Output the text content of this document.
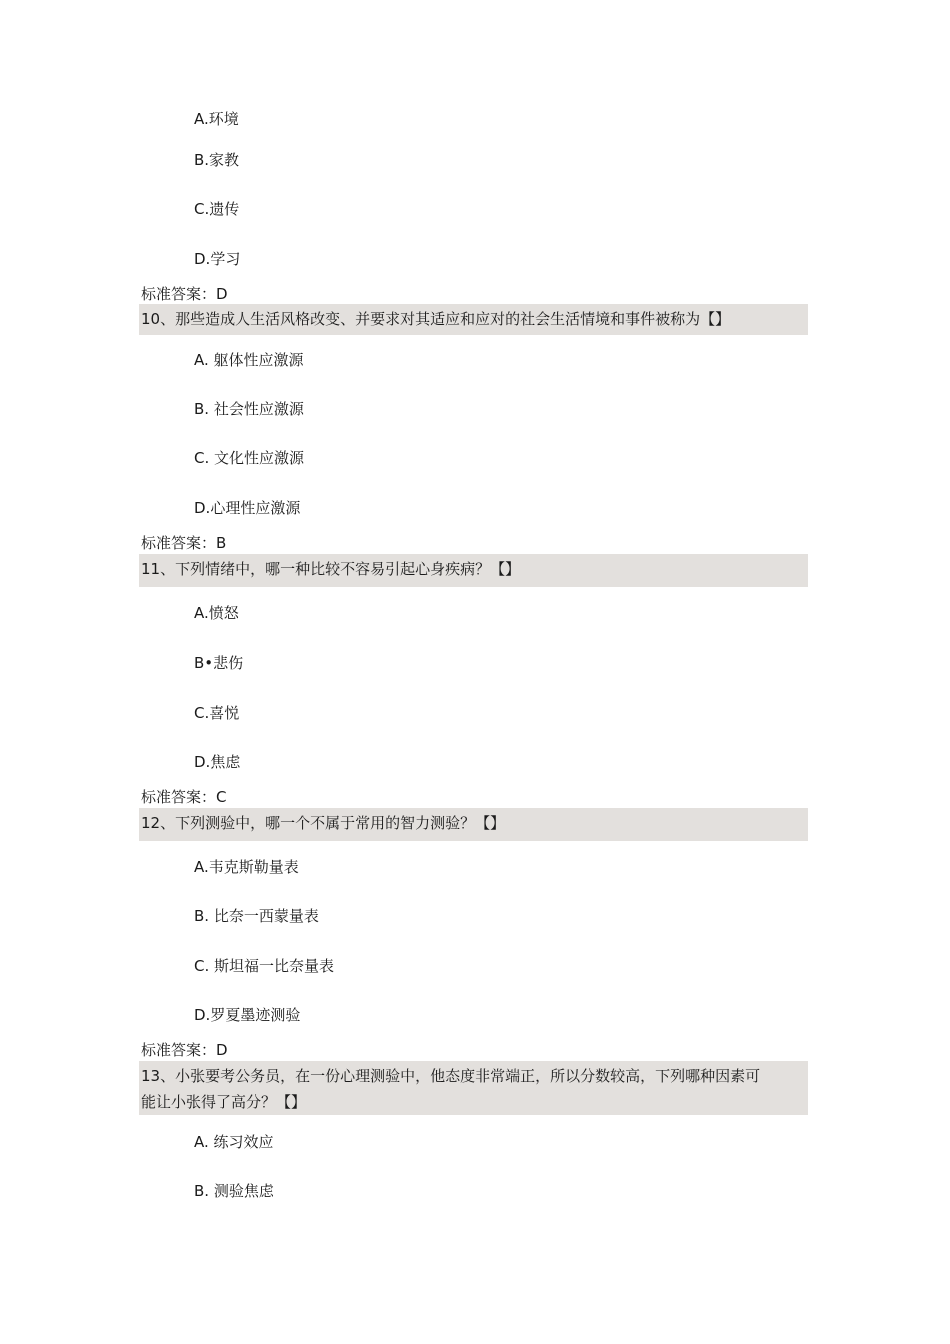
A.环境
B.家教
C.遗传
D.学习
标准答案：D
10、那些造成人生活风格改变、并要求对其适应和应对的社会生活情境和事件被称为【】
A. 躯体性应激源
B. 社会性应激源
C. 文化性应激源
D.心理性应激源
标准答案：B
11、下列情绪中，哪一种比较不容易引起心身疾病？【】
A.愤怒
B•悲伤
C.喜悦
D.焦虑
标准答案：C
12、下列测验中，哪一个不属于常用的智力测验？【】
A.韦克斯勒量表
B. 比奈一西蒙量表
C. 斯坦福一比奈量表
D.罗夏墨迹测验
标准答案：D
13、小张要考公务员，在一份心理测验中，他态度非常端正，所以分数较高，下列哪种因素可
能让小张得了高分？【】
A. 练习效应
B. 测验焦虑
